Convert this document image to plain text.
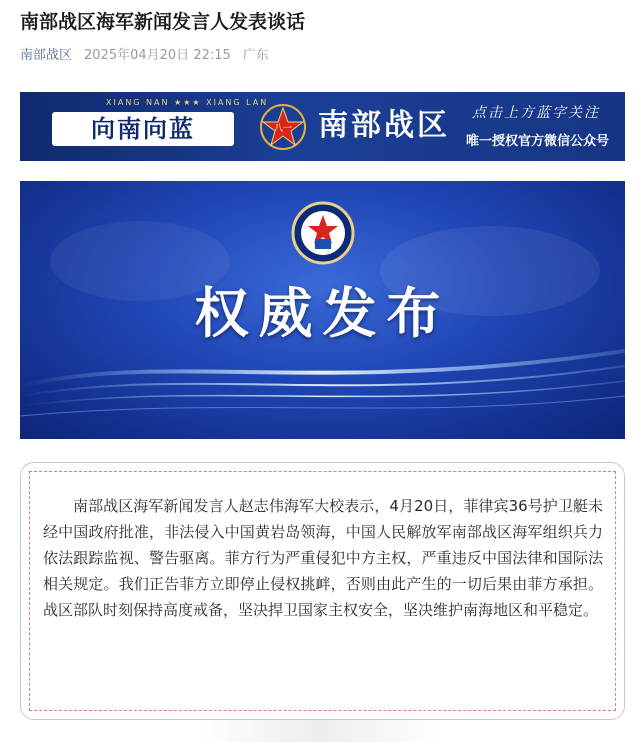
南部战区海军新闻发言人发表谈话
南部战区 2025年04月20日 22:15 广东
XIANG NAN ★★★ XIANG LAN
向南向蓝	八一 南部战区 点击上方蓝字关注
唯一授权官方微信公众号
权威发布

南部战区海军新闻发言人赵志伟海军大校表示，4月20日，菲律宾36号护卫艇未经中国政府批准，非法侵入中国黄岩岛领海，中国人民解放军南部战区海军组织兵力依法跟踪监视、警告驱离。菲方行为严重侵犯中方主权，严重违反中国法律和国际法相关规定。我们正告菲方立即停止侵权挑衅，否则由此产生的一切后果由菲方承担。战区部队时刻保持高度戒备，坚决捍卫国家主权安全，坚决维护南海地区和平稳定。
